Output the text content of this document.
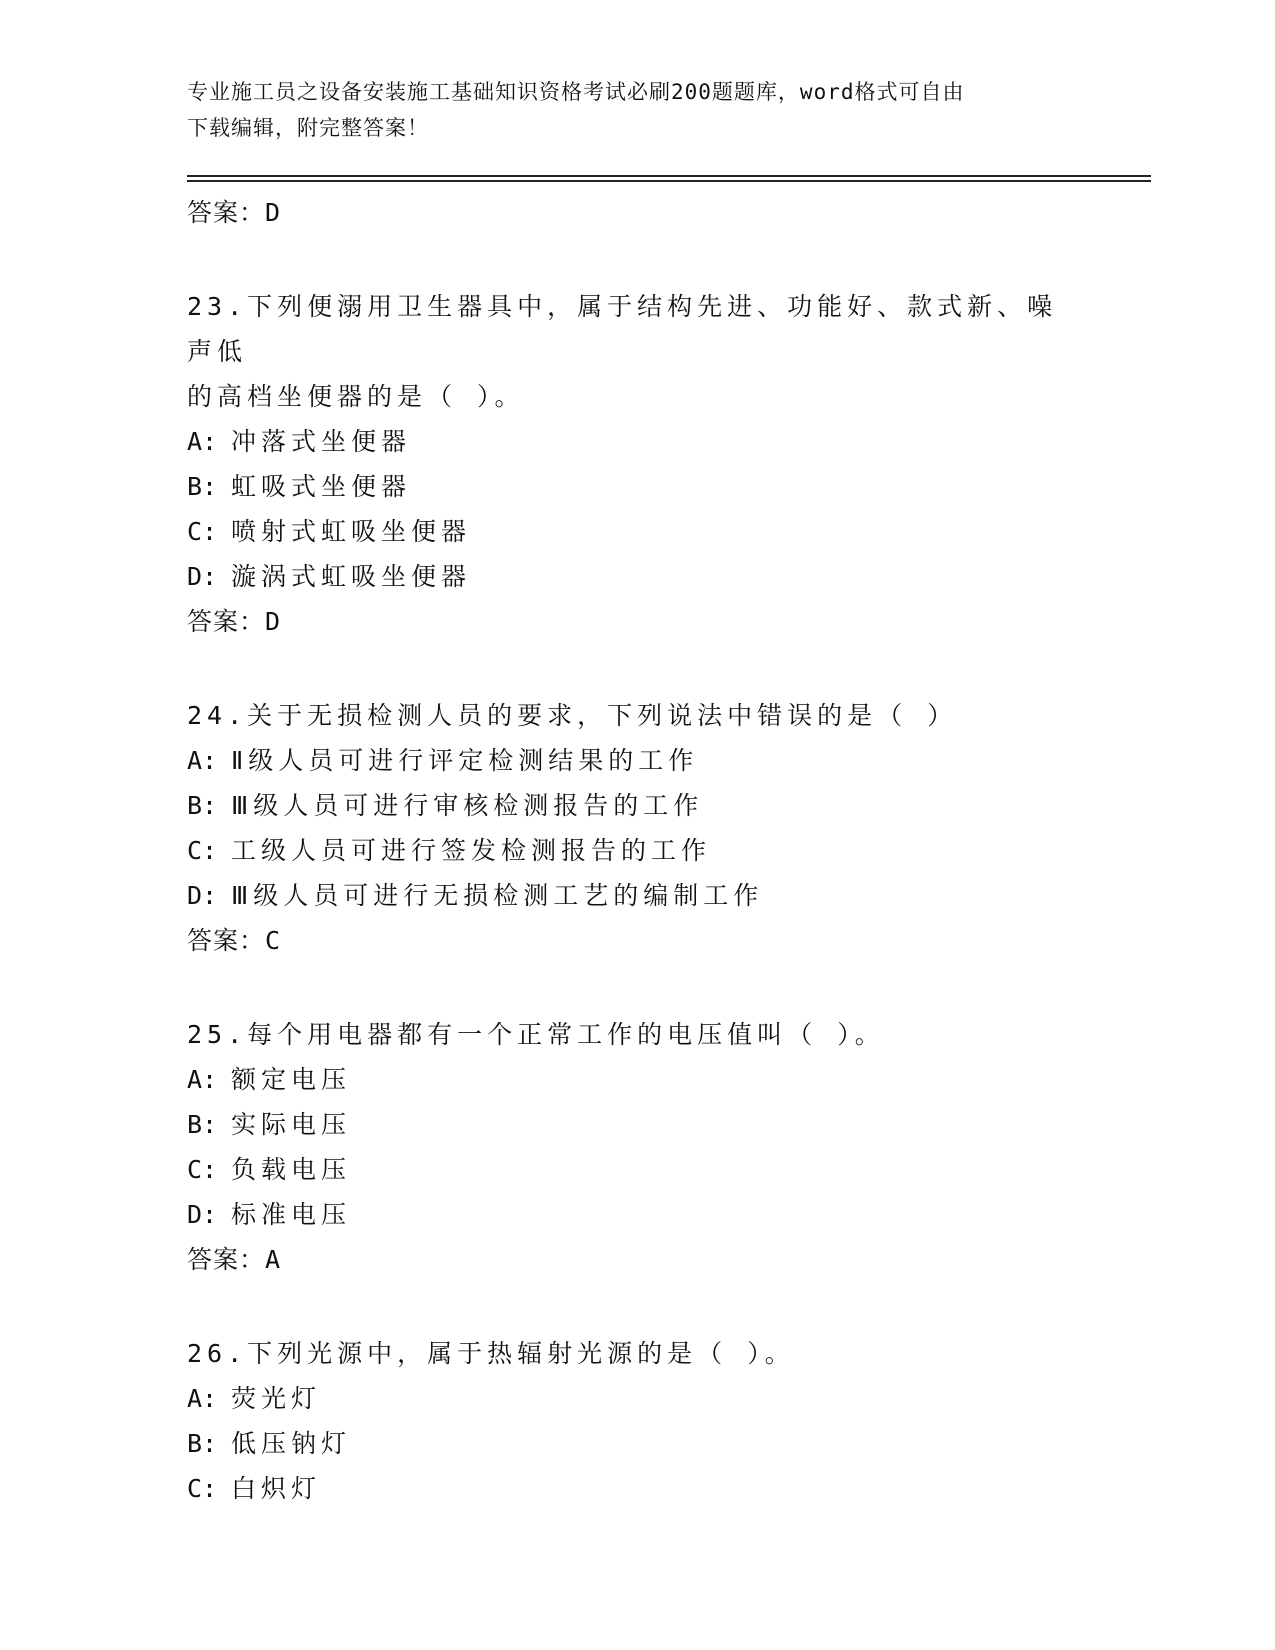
专业施工员之设备安装施工基础知识资格考试必刷200题题库，word格式可自由
下载编辑，附完整答案！
答案：D
23.下列便溺用卫生器具中，属于结构先进、功能好、款式新、噪声低
的高档坐便器的是（ ）。
A: 冲落式坐便器
B: 虹吸式坐便器
C: 喷射式虹吸坐便器
D: 漩涡式虹吸坐便器
答案：D
24.关于无损检测人员的要求，下列说法中错误的是（ ）
A: Ⅱ级人员可进行评定检测结果的工作
B: Ⅲ级人员可进行审核检测报告的工作
C: 工级人员可进行签发检测报告的工作
D: Ⅲ级人员可进行无损检测工艺的编制工作
答案：C
25.每个用电器都有一个正常工作的电压值叫（ ）。
A: 额定电压
B: 实际电压
C: 负载电压
D: 标准电压
答案：A
26.下列光源中，属于热辐射光源的是（ ）。
A: 荧光灯
B: 低压钠灯
C: 白炽灯
